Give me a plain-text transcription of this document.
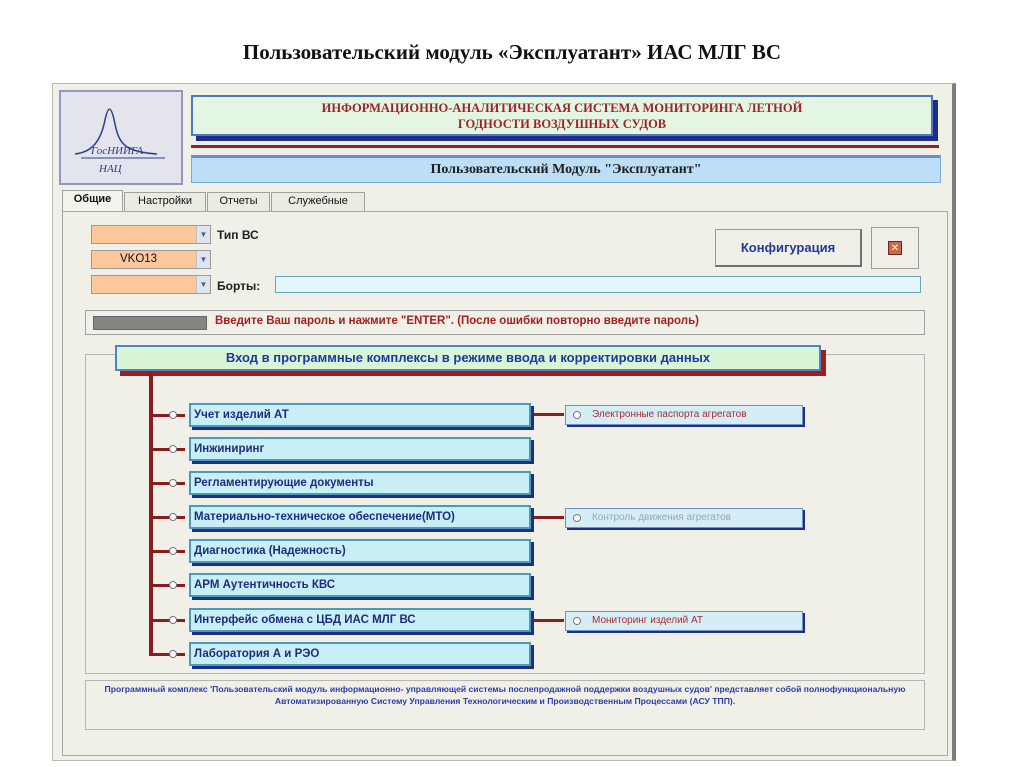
Пользовательский модуль «Эксплуатант» ИАС МЛГ ВС
ГосНИИГА
НАЦ
ИНФОРМАЦИОННО-АНАЛИТИЧЕСКАЯ СИСТЕМА МОНИТОРИНГА ЛЕТНОЙ
ГОДНОСТИ ВОЗДУШНЫХ СУДОВ
Пользовательский Модуль "Эксплуатант"
Общие	Настройки	Отчеты	Служебные
▼
VKO13	▼
▼
Тип ВС
Борты:
Конфигурация	✕
Введите Ваш пароль и нажмите "ENTER". (После ошибки повторно введите пароль)
Вход в программные комплексы в режиме ввода и корректировки данных
Учет изделий АТ
Инжиниринг
Регламентирующие документы
Материально-техническое обеспечение(МТО)
Диагностика (Надежность)
АРМ Аутентичность КВС
Интерфейс обмена с ЦБД ИАС МЛГ ВС
Лаборатория А и РЭО
Электронные паспорта агрегатов
Контроль движения агрегатов
Мониторинг изделий АТ
Программный комплекс 'Пользовательский модуль информационно- управляющей системы послепродажной поддержки воздушных судов' представляет собой полнофункциональную Автоматизированную Систему Управления Технологическим и Производственным Процессами (АСУ ТПП).
